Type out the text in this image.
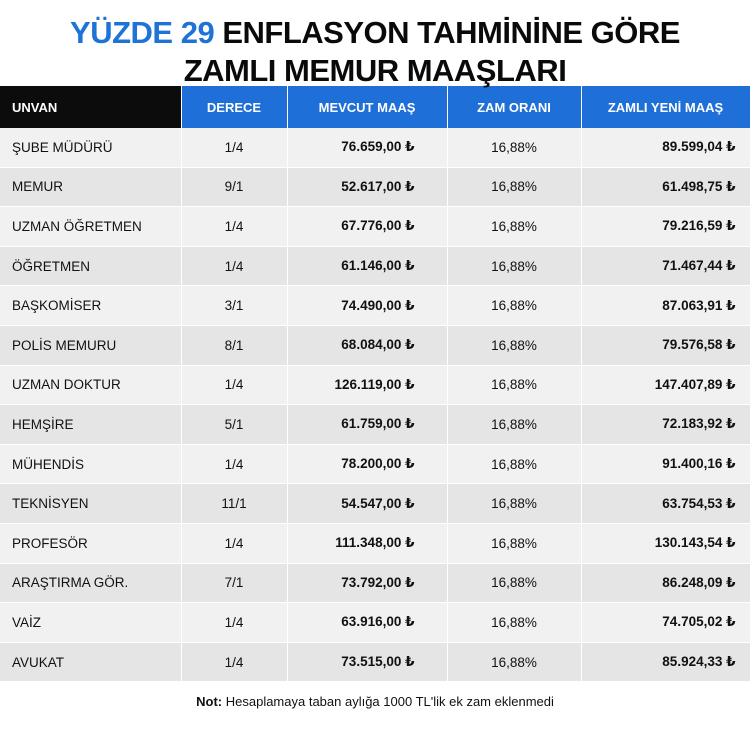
YÜZDE 29 ENFLASYON TAHMİNİNE GÖRE
ZAMLI MEMUR MAAŞLARI
UNVAN	DERECE	MEVCUT MAAŞ	ZAM ORANI	ZAMLI YENİ MAAŞ
ŞUBE MÜDÜRÜ	1/4	76.659,00 ₺	16,88%	89.599,04 ₺
MEMUR	9/1	52.617,00 ₺	16,88%	61.498,75 ₺
UZMAN ÖĞRETMEN	1/4	67.776,00 ₺	16,88%	79.216,59 ₺
ÖĞRETMEN	1/4	61.146,00 ₺	16,88%	71.467,44 ₺
BAŞKOMİSER	3/1	74.490,00 ₺	16,88%	87.063,91 ₺
POLİS MEMURU	8/1	68.084,00 ₺	16,88%	79.576,58 ₺
UZMAN DOKTUR	1/4	126.119,00 ₺	16,88%	147.407,89 ₺
HEMŞİRE	5/1	61.759,00 ₺	16,88%	72.183,92 ₺
MÜHENDİS	1/4	78.200,00 ₺	16,88%	91.400,16 ₺
TEKNİSYEN	11/1	54.547,00 ₺	16,88%	63.754,53 ₺
PROFESÖR	1/4	111.348,00 ₺	16,88%	130.143,54 ₺
ARAŞTIRMA GÖR.	7/1	73.792,00 ₺	16,88%	86.248,09 ₺
VAİZ	1/4	63.916,00 ₺	16,88%	74.705,02 ₺
AVUKAT	1/4	73.515,00 ₺	16,88%	85.924,33 ₺
Not: Hesaplamaya taban aylığa 1000 TL'lik ek zam eklenmedi
